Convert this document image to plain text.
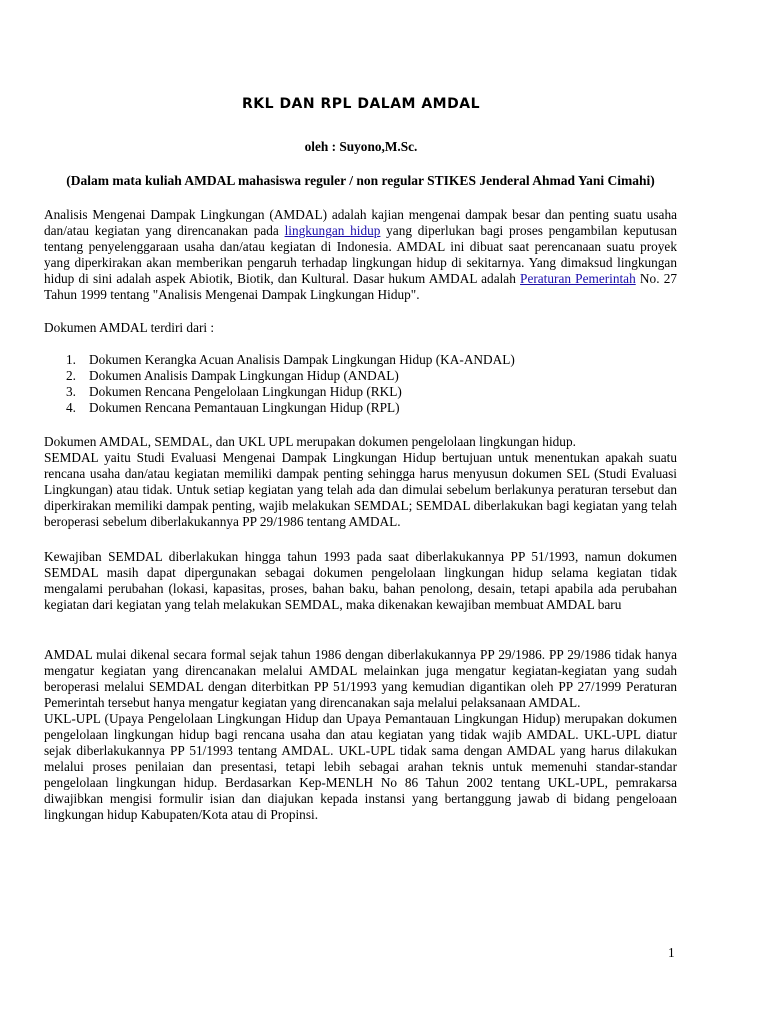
RKL DAN RPL DALAM AMDAL

oleh : Suyono,M.Sc.

(Dalam mata kuliah AMDAL mahasiswa reguler / non regular STIKES Jenderal Ahmad Yani Cimahi)

Analisis Mengenai Dampak Lingkungan (AMDAL) adalah kajian mengenai dampak besar dan penting suatu usaha dan/atau kegiatan yang direncanakan pada lingkungan hidup yang diperlukan bagi proses pengambilan keputusan tentang penyelenggaraan usaha dan/atau kegiatan di Indonesia. AMDAL ini dibuat saat perencanaan suatu proyek yang diperkirakan akan memberikan pengaruh terhadap lingkungan hidup di sekitarnya. Yang dimaksud lingkungan hidup di sini adalah aspek Abiotik, Biotik, dan Kultural. Dasar hukum AMDAL adalah Peraturan Pemerintah No. 27 Tahun 1999 tentang "Analisis Mengenai Dampak Lingkungan Hidup".

Dokumen AMDAL terdiri dari :

1. Dokumen Kerangka Acuan Analisis Dampak Lingkungan Hidup (KA-ANDAL)
2. Dokumen Analisis Dampak Lingkungan Hidup (ANDAL)
3. Dokumen Rencana Pengelolaan Lingkungan Hidup (RKL)
4. Dokumen Rencana Pemantauan Lingkungan Hidup (RPL)

Dokumen AMDAL, SEMDAL, dan UKL UPL merupakan dokumen pengelolaan lingkungan hidup.
SEMDAL yaitu Studi Evaluasi Mengenai Dampak Lingkungan Hidup bertujuan untuk menentukan apakah suatu rencana usaha dan/atau kegiatan memiliki dampak penting sehingga harus menyusun dokumen SEL (Studi Evaluasi Lingkungan) atau tidak. Untuk setiap kegiatan yang telah ada dan dimulai sebelum berlakunya peraturan tersebut dan diperkirakan memiliki dampak penting, wajib melakukan SEMDAL; SEMDAL diberlakukan bagi kegiatan yang telah beroperasi sebelum diberlakukannya PP 29/1986 tentang AMDAL.

Kewajiban SEMDAL diberlakukan hingga tahun 1993 pada saat diberlakukannya PP 51/1993, namun dokumen SEMDAL masih dapat dipergunakan sebagai dokumen pengelolaan lingkungan hidup selama kegiatan tidak mengalami perubahan (lokasi, kapasitas, proses, bahan baku, bahan penolong, desain, tetapi apabila ada perubahan kegiatan dari kegiatan yang telah melakukan SEMDAL, maka dikenakan kewajiban membuat AMDAL baru

AMDAL mulai dikenal secara formal sejak tahun 1986 dengan diberlakukannya PP 29/1986. PP 29/1986 tidak hanya mengatur kegiatan yang direncanakan melalui AMDAL melainkan juga mengatur kegiatan-kegiatan yang sudah beroperasi melalui SEMDAL dengan diterbitkan PP 51/1993 yang kemudian digantikan oleh PP 27/1999 Peraturan Pemerintah tersebut hanya mengatur kegiatan yang direncanakan saja melalui pelaksanaan AMDAL.
UKL-UPL (Upaya Pengelolaan Lingkungan Hidup dan Upaya Pemantauan Lingkungan Hidup) merupakan dokumen pengelolaan lingkungan hidup bagi rencana usaha dan atau kegiatan yang tidak wajib AMDAL. UKL-UPL diatur sejak diberlakukannya PP 51/1993 tentang AMDAL. UKL-UPL tidak sama dengan AMDAL yang harus dilakukan melalui proses penilaian dan presentasi, tetapi lebih sebagai arahan teknis untuk memenuhi standar-standar pengelolaan lingkungan hidup. Berdasarkan Kep-MENLH No 86 Tahun 2002 tentang UKL-UPL, pemrakarsa diwajibkan mengisi formulir isian dan diajukan kepada instansi yang bertanggung jawab di bidang pengeloaan lingkungan hidup Kabupaten/Kota atau di Propinsi.

1
